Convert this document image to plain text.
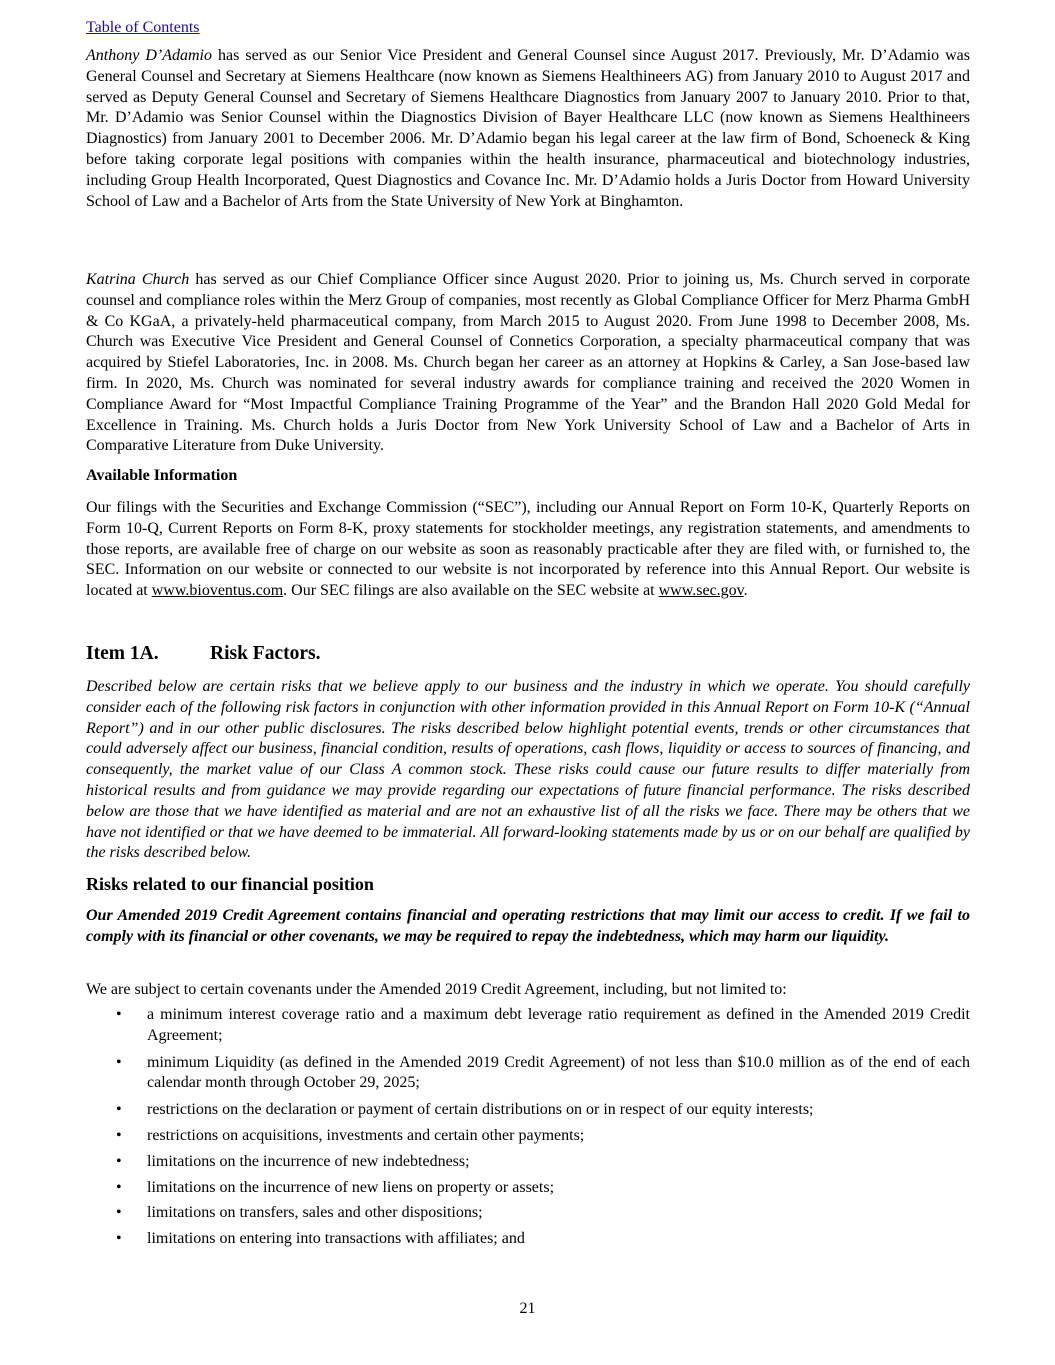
Table of Contents

Anthony D’Adamio has served as our Senior Vice President and General Counsel since August 2017. Previously, Mr. D’Adamio was General Counsel and Secretary at Siemens Healthcare (now known as Siemens Healthineers AG) from January 2010 to August 2017 and served as Deputy General Counsel and Secretary of Siemens Healthcare Diagnostics from January 2007 to January 2010. Prior to that, Mr. D’Adamio was Senior Counsel within the Diagnostics Division of Bayer Healthcare LLC (now known as Siemens Healthineers Diagnostics) from January 2001 to December 2006. Mr. D’Adamio began his legal career at the law firm of Bond, Schoeneck & King before taking corporate legal positions with companies within the health insurance, pharmaceutical and biotechnology industries, including Group Health Incorporated, Quest Diagnostics and Covance Inc. Mr. D’Adamio holds a Juris Doctor from Howard University School of Law and a Bachelor of Arts from the State University of New York at Binghamton.

Katrina Church has served as our Chief Compliance Officer since August 2020. Prior to joining us, Ms. Church served in corporate counsel and compliance roles within the Merz Group of companies, most recently as Global Compliance Officer for Merz Pharma GmbH & Co KGaA, a privately-held pharmaceutical company, from March 2015 to August 2020. From June 1998 to December 2008, Ms. Church was Executive Vice President and General Counsel of Connetics Corporation, a specialty pharmaceutical company that was acquired by Stiefel Laboratories, Inc. in 2008. Ms. Church began her career as an attorney at Hopkins & Carley, a San Jose-based law firm. In 2020, Ms. Church was nominated for several industry awards for compliance training and received the 2020 Women in Compliance Award for “Most Impactful Compliance Training Programme of the Year” and the Brandon Hall 2020 Gold Medal for Excellence in Training. Ms. Church holds a Juris Doctor from New York University School of Law and a Bachelor of Arts in Comparative Literature from Duke University.

Available Information

Our filings with the Securities and Exchange Commission (“SEC”), including our Annual Report on Form 10-K, Quarterly Reports on Form 10-Q, Current Reports on Form 8-K, proxy statements for stockholder meetings, any registration statements, and amendments to those reports, are available free of charge on our website as soon as reasonably practicable after they are filed with, or furnished to, the SEC. Information on our website or connected to our website is not incorporated by reference into this Annual Report. Our website is located at www.bioventus.com. Our SEC filings are also available on the SEC website at www.sec.gov.

Item 1A.	Risk Factors.

Described below are certain risks that we believe apply to our business and the industry in which we operate. You should carefully consider each of the following risk factors in conjunction with other information provided in this Annual Report on Form 10-K (“Annual Report”) and in our other public disclosures. The risks described below highlight potential events, trends or other circumstances that could adversely affect our business, financial condition, results of operations, cash flows, liquidity or access to sources of financing, and consequently, the market value of our Class A common stock. These risks could cause our future results to differ materially from historical results and from guidance we may provide regarding our expectations of future financial performance. The risks described below are those that we have identified as material and are not an exhaustive list of all the risks we face. There may be others that we have not identified or that we have deemed to be immaterial. All forward-looking statements made by us or on our behalf are qualified by the risks described below.

Risks related to our financial position

Our Amended 2019 Credit Agreement contains financial and operating restrictions that may limit our access to credit. If we fail to comply with its financial or other covenants, we may be required to repay the indebtedness, which may harm our liquidity.

We are subject to certain covenants under the Amended 2019 Credit Agreement, including, but not limited to:

• a minimum interest coverage ratio and a maximum debt leverage ratio requirement as defined in the Amended 2019 Credit Agreement;
• minimum Liquidity (as defined in the Amended 2019 Credit Agreement) of not less than $10.0 million as of the end of each calendar month through October 29, 2025;
• restrictions on the declaration or payment of certain distributions on or in respect of our equity interests;
• restrictions on acquisitions, investments and certain other payments;
• limitations on the incurrence of new indebtedness;
• limitations on the incurrence of new liens on property or assets;
• limitations on transfers, sales and other dispositions;
• limitations on entering into transactions with affiliates; and
21
